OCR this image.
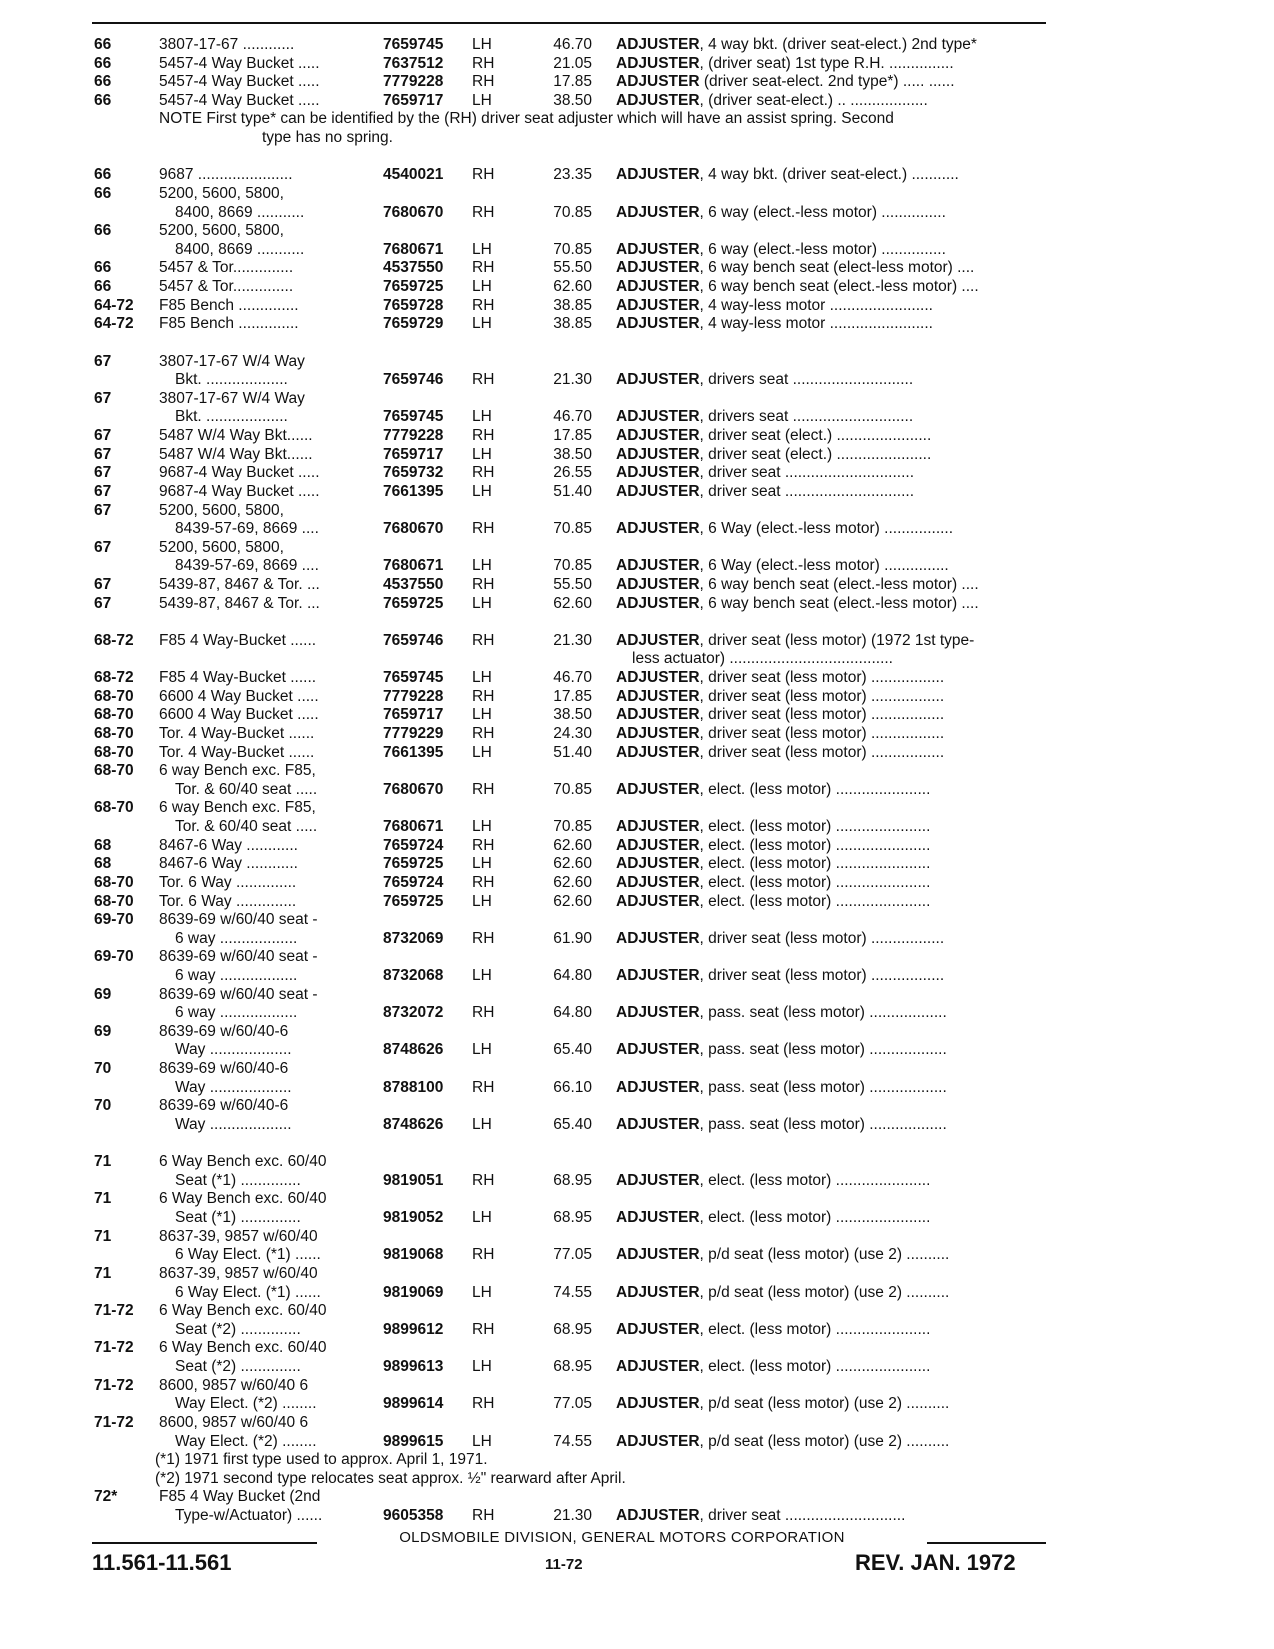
66	3807-17-67 ............	7659745	LH	46.70 ADJUSTER, 4 way bkt. (driver seat-elect.) 2nd type*
66	5457-4 Way Bucket .....	7637512	RH	21.05 ADJUSTER, (driver seat) 1st type R.H. ...............
66	5457-4 Way Bucket .....	7779228	RH	17.85 ADJUSTER (driver seat-elect. 2nd type*) ..... ......
66	5457-4 Way Bucket .....	7659717	LH	38.50 ADJUSTER, (driver seat-elect.) .. ..................
NOTE First type* can be identified by the (RH) driver seat adjuster which will have an assist spring. Second
type has no spring.
66	9687 ......................	4540021	RH	23.35 ADJUSTER, 4 way bkt. (driver seat-elect.) ...........
66	5200, 5600, 5800,
8400, 8669 ...........	7680670	RH	70.85 ADJUSTER, 6 way (elect.-less motor) ...............
66	5200, 5600, 5800,
8400, 8669 ...........	7680671	LH	70.85 ADJUSTER, 6 way (elect.-less motor) ...............
66	5457 & Tor..............	4537550	RH	55.50 ADJUSTER, 6 way bench seat (elect-less motor) ....
66	5457 & Tor..............	7659725	LH	62.60 ADJUSTER, 6 way bench seat (elect.-less motor) ....
64-72	F85 Bench ..............	7659728	RH	38.85 ADJUSTER, 4 way-less motor ........................
64-72	F85 Bench ..............	7659729	LH	38.85 ADJUSTER, 4 way-less motor ........................
67	3807-17-67 W/4 Way
Bkt. ...................	7659746	RH	21.30 ADJUSTER, drivers seat ............................
67	3807-17-67 W/4 Way
Bkt. ...................	7659745	LH	46.70 ADJUSTER, drivers seat ............................
67	5487 W/4 Way Bkt......	7779228	RH	17.85 ADJUSTER, driver seat (elect.) ......................
67	5487 W/4 Way Bkt......	7659717	LH	38.50 ADJUSTER, driver seat (elect.) ......................
67	9687-4 Way Bucket .....	7659732	RH	26.55 ADJUSTER, driver seat ..............................
67	9687-4 Way Bucket .....	7661395	LH	51.40 ADJUSTER, driver seat ..............................
67	5200, 5600, 5800,
8439-57-69, 8669 ....	7680670	RH	70.85 ADJUSTER, 6 Way (elect.-less motor) ................
67	5200, 5600, 5800,
8439-57-69, 8669 ....	7680671	LH	70.85 ADJUSTER, 6 Way (elect.-less motor) ...............
67	5439-87, 8467 & Tor. ...	4537550	RH	55.50 ADJUSTER, 6 way bench seat (elect.-less motor) ....
67	5439-87, 8467 & Tor. ...	7659725	LH	62.60 ADJUSTER, 6 way bench seat (elect.-less motor) ....
68-72	F85 4 Way-Bucket ......	7659746	RH	21.30 ADJUSTER, driver seat (less motor) (1972 1st type-
less actuator) ......................................
68-72	F85 4 Way-Bucket ......	7659745	LH	46.70 ADJUSTER, driver seat (less motor) .................
68-70	6600 4 Way Bucket .....	7779228	RH	17.85 ADJUSTER, driver seat (less motor) .................
68-70	6600 4 Way Bucket .....	7659717	LH	38.50 ADJUSTER, driver seat (less motor) .................
68-70	Tor. 4 Way-Bucket ......	7779229	RH	24.30 ADJUSTER, driver seat (less motor) .................
68-70	Tor. 4 Way-Bucket ......	7661395	LH	51.40 ADJUSTER, driver seat (less motor) .................
68-70	6 way Bench exc. F85,
Tor. & 60/40 seat .....	7680670	RH	70.85 ADJUSTER, elect. (less motor) ......................
68-70	6 way Bench exc. F85,
Tor. & 60/40 seat .....	7680671	LH	70.85 ADJUSTER, elect. (less motor) ......................
68	8467-6 Way ............	7659724	RH	62.60 ADJUSTER, elect. (less motor) ......................
68	8467-6 Way ............	7659725	LH	62.60 ADJUSTER, elect. (less motor) ......................
68-70	Tor. 6 Way ..............	7659724	RH	62.60 ADJUSTER, elect. (less motor) ......................
68-70	Tor. 6 Way ..............	7659725	LH	62.60 ADJUSTER, elect. (less motor) ......................
69-70	8639-69 w/60/40 seat -
6 way ..................	8732069	RH	61.90 ADJUSTER, driver seat (less motor) .................
69-70	8639-69 w/60/40 seat -
6 way ..................	8732068	LH	64.80 ADJUSTER, driver seat (less motor) .................
69	8639-69 w/60/40 seat -
6 way ..................	8732072	RH	64.80 ADJUSTER, pass. seat (less motor) ..................
69	8639-69 w/60/40-6
Way ...................	8748626	LH	65.40 ADJUSTER, pass. seat (less motor) ..................
70	8639-69 w/60/40-6
Way ...................	8788100	RH	66.10 ADJUSTER, pass. seat (less motor) ..................
70	8639-69 w/60/40-6
Way ...................	8748626	LH	65.40 ADJUSTER, pass. seat (less motor) ..................
71	6 Way Bench exc. 60/40
Seat (*1) ..............	9819051	RH	68.95 ADJUSTER, elect. (less motor) ......................
71	6 Way Bench exc. 60/40
Seat (*1) ..............	9819052	LH	68.95 ADJUSTER, elect. (less motor) ......................
71	8637-39, 9857 w/60/40
6 Way Elect. (*1) ......	9819068	RH	77.05 ADJUSTER, p/d seat (less motor) (use 2) ..........
71	8637-39, 9857 w/60/40
6 Way Elect. (*1) ......	9819069	LH	74.55 ADJUSTER, p/d seat (less motor) (use 2) ..........
71-72	6 Way Bench exc. 60/40
Seat (*2) ..............	9899612	RH	68.95 ADJUSTER, elect. (less motor) ......................
71-72	6 Way Bench exc. 60/40
Seat (*2) ..............	9899613	LH	68.95 ADJUSTER, elect. (less motor) ......................
71-72	8600, 9857 w/60/40 6
Way Elect. (*2) ........	9899614	RH	77.05 ADJUSTER, p/d seat (less motor) (use 2) ..........
71-72	8600, 9857 w/60/40 6
Way Elect. (*2) ........	9899615	LH	74.55 ADJUSTER, p/d seat (less motor) (use 2) ..........
(*1) 1971 first type used to approx. April 1, 1971.
(*2) 1971 second type relocates seat approx. ½" rearward after April.
72*	F85 4 Way Bucket (2nd
Type-w/Actuator) ......	9605358	RH	21.30 ADJUSTER, driver seat ............................
OLDSMOBILE DIVISION, GENERAL MOTORS CORPORATION
11.561-11.561	11-72	REV. JAN. 1972
